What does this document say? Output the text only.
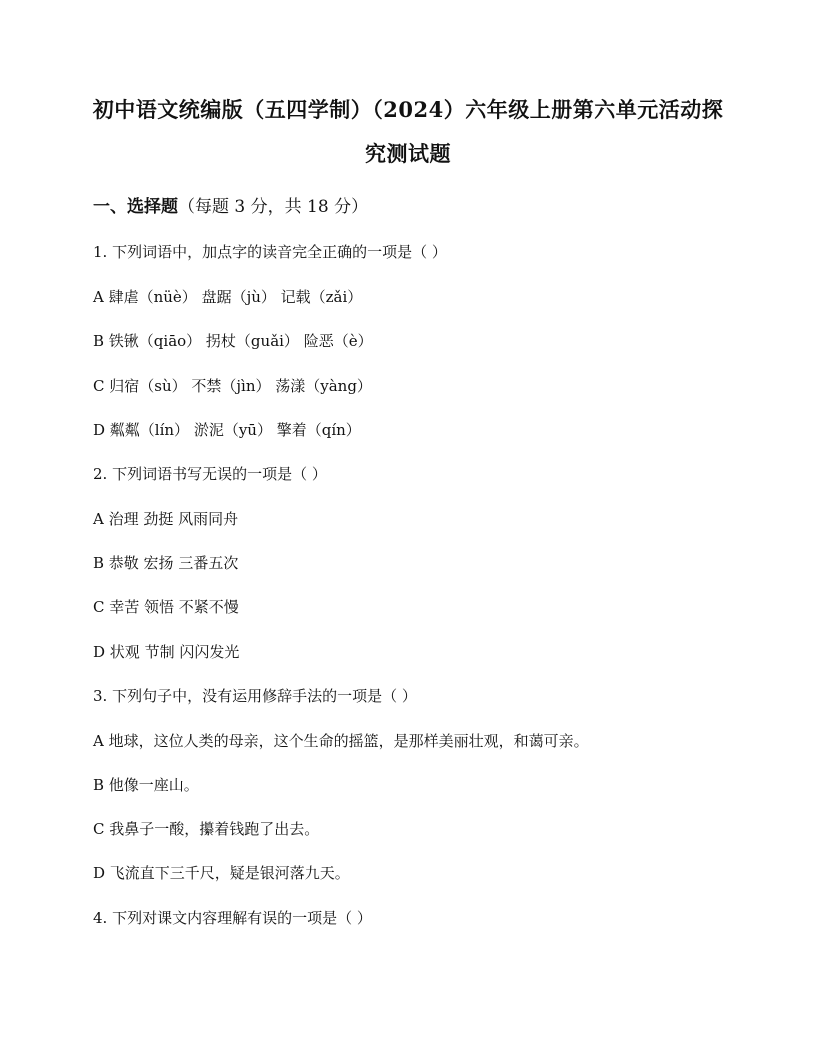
初中语文统编版（五四学制）（2024）六年级上册第六单元活动探
究测试题
一、选择题（每题 3 分，共 18 分）
1. 下列词语中，加点字的读音完全正确的一项是（ ）
A 肆虐（nüè） 盘踞（jù） 记载（zǎi）
B 铁锹（qiāo） 拐杖（guǎi） 险恶（è）
C 归宿（sù） 不禁（jìn） 荡漾（yàng）
D 粼粼（lín） 淤泥（yū） 擎着（qín）
2. 下列词语书写无误的一项是（ ）
A 治理 劲挺 风雨同舟
B 恭敬 宏扬 三番五次
C 幸苦 领悟 不紧不慢
D 状观 节制 闪闪发光
3. 下列句子中，没有运用修辞手法的一项是（ ）
A 地球，这位人类的母亲，这个生命的摇篮，是那样美丽壮观，和蔼可亲。
B 他像一座山。
C 我鼻子一酸，攥着钱跑了出去。
D 飞流直下三千尺，疑是银河落九天。
4. 下列对课文内容理解有误的一项是（ ）
